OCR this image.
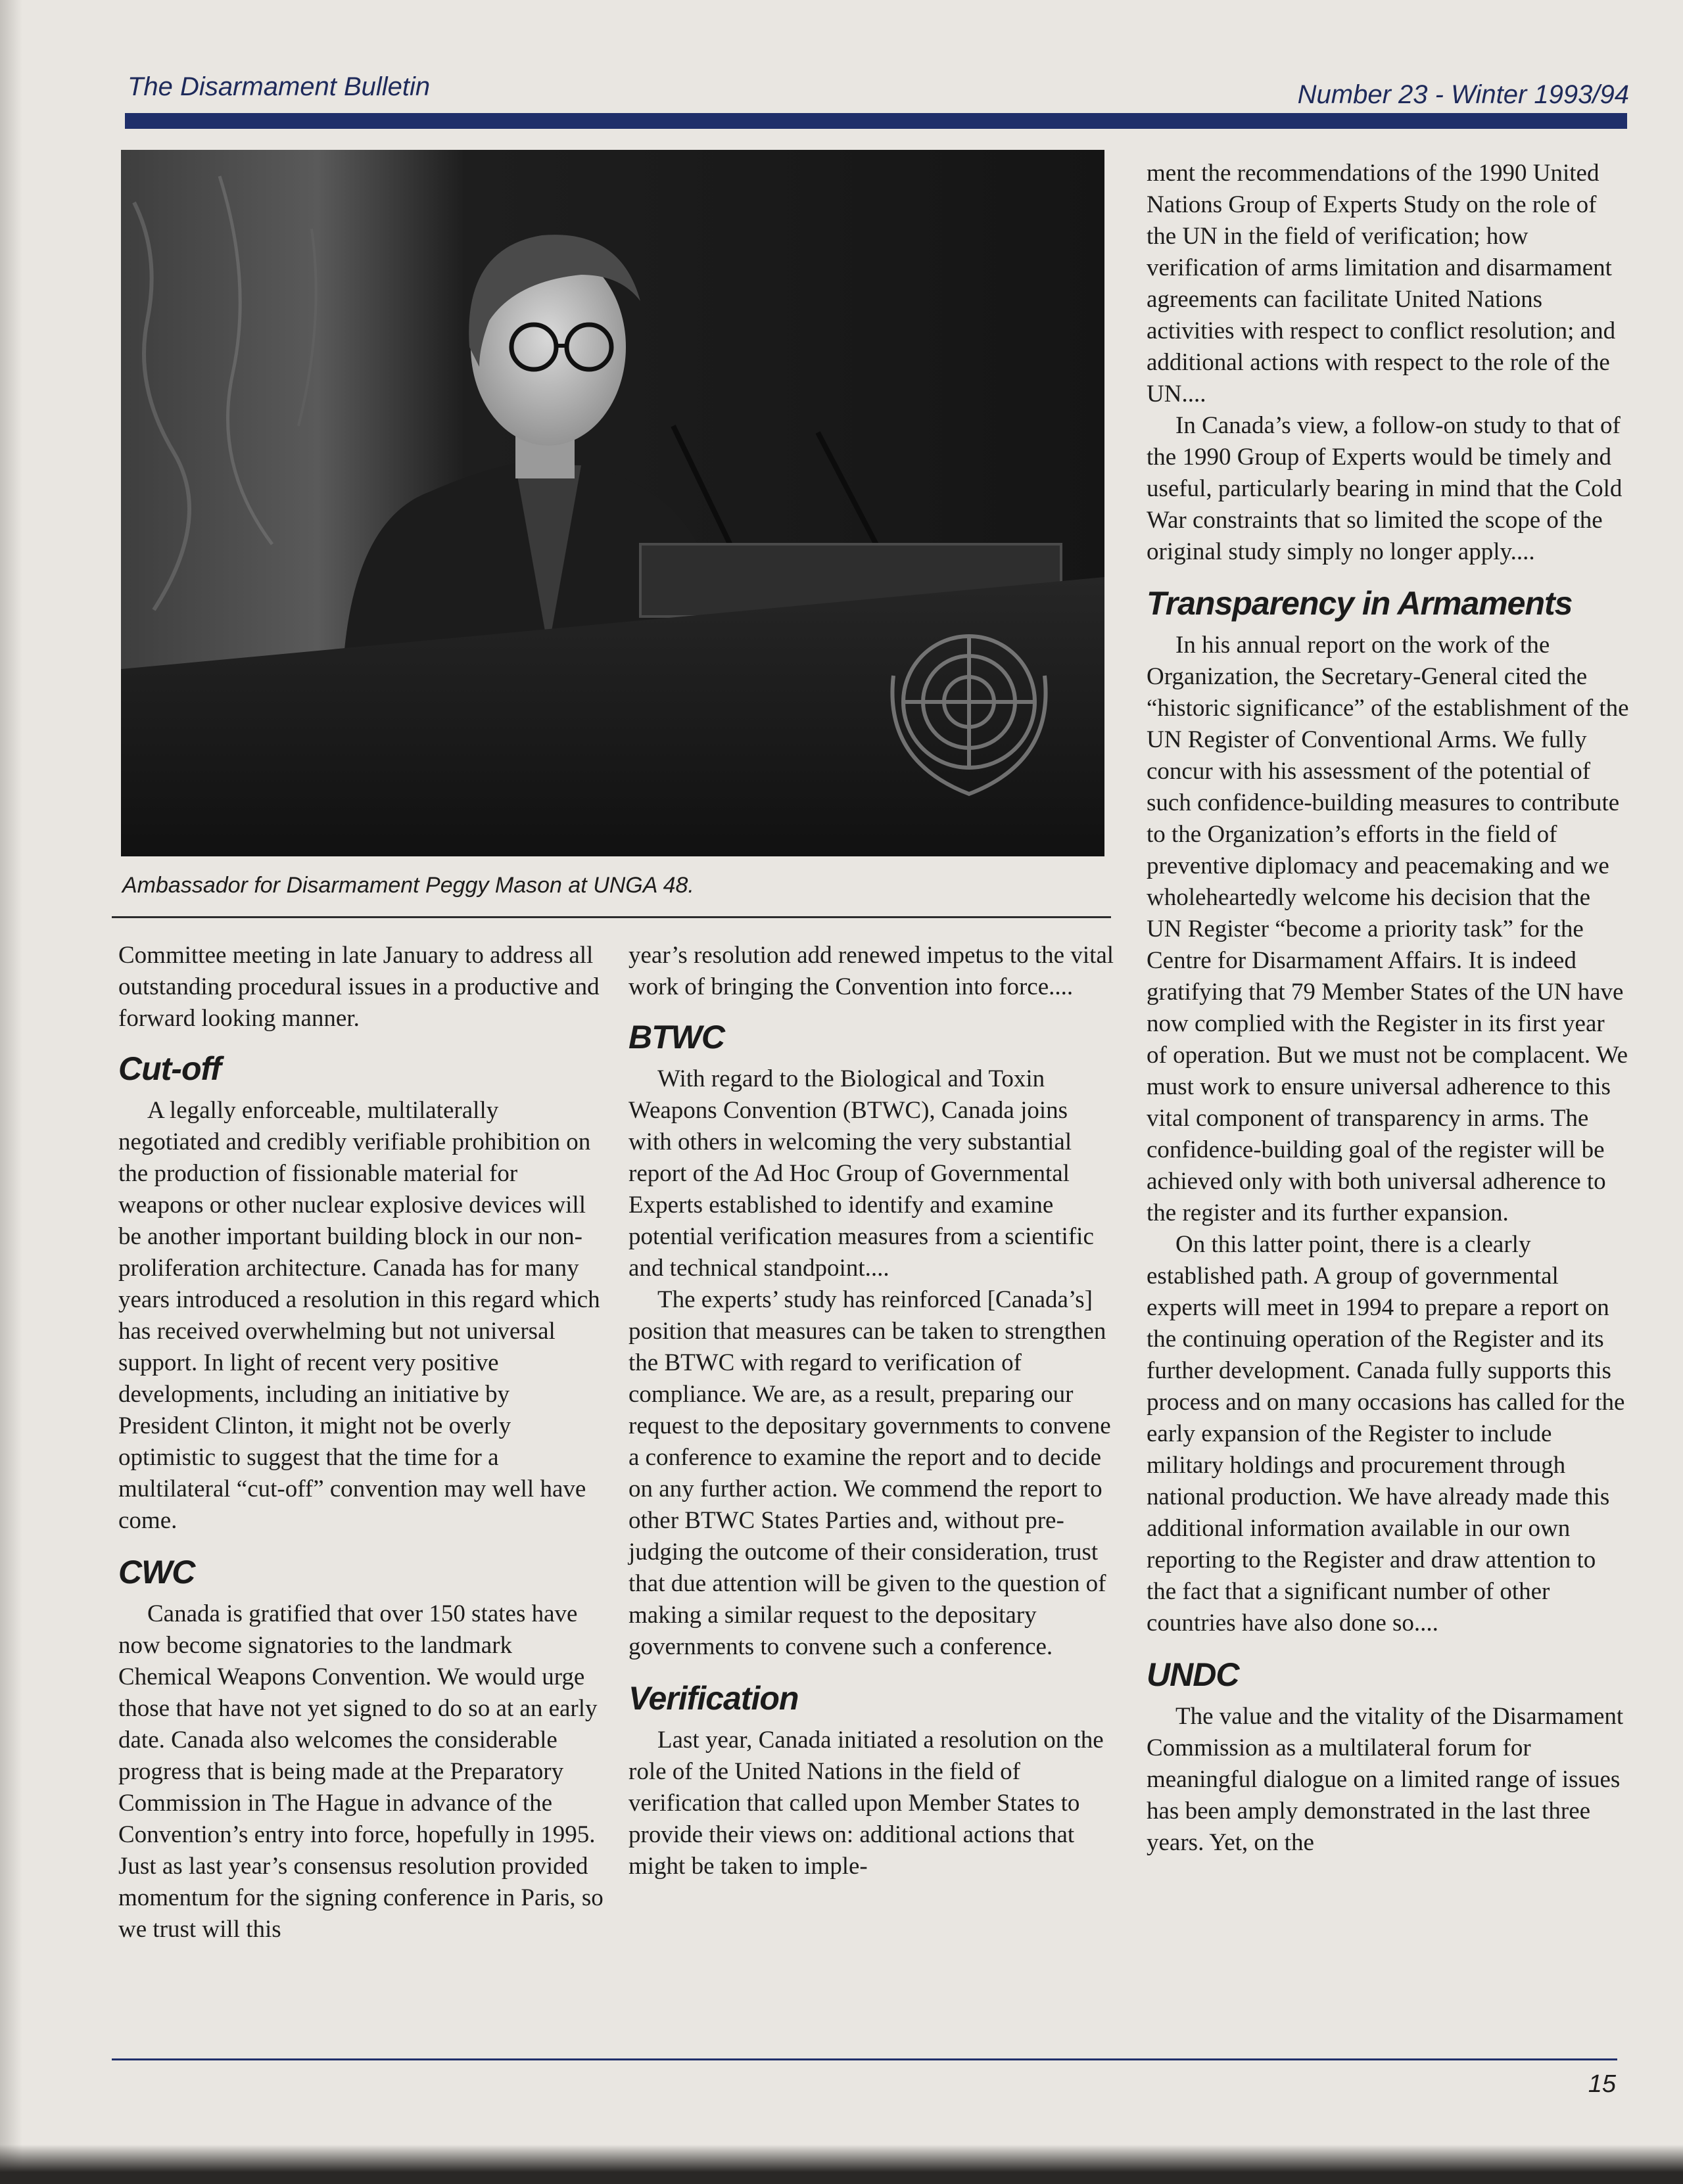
The Disarmament Bulletin	Number 23 - Winter 1993/94
Ambassador for Disarmament Peggy Mason at UNGA 48.

Committee meeting in late January to address all outstanding procedural issues in a productive and forward looking manner.

Cut-off

A legally enforceable, multilaterally negotiated and credibly verifiable prohibition on the production of fissionable material for weapons or other nuclear explosive devices will be another important building block in our non-proliferation architecture. Canada has for many years introduced a resolution in this regard which has received overwhelming but not universal support. In light of recent very positive developments, including an initiative by President Clinton, it might not be overly optimistic to suggest that the time for a multilateral “cut-off” convention may well have come.

CWC

Canada is gratified that over 150 states have now become signatories to the landmark Chemical Weapons Convention. We would urge those that have not yet signed to do so at an early date. Canada also welcomes the considerable progress that is being made at the Preparatory Commission in The Hague in advance of the Convention’s entry into force, hopefully in 1995. Just as last year’s consensus resolution provided momentum for the signing conference in Paris, so we trust will this

year’s resolution add renewed impetus to the vital work of bringing the Convention into force....

BTWC

With regard to the Biological and Toxin Weapons Convention (BTWC), Canada joins with others in welcoming the very substantial report of the Ad Hoc Group of Governmental Experts established to identify and examine potential verification measures from a scientific and technical standpoint....

The experts’ study has reinforced [Canada’s] position that measures can be taken to strengthen the BTWC with regard to verification of compliance. We are, as a result, preparing our request to the depositary governments to convene a conference to examine the report and to decide on any further action. We commend the report to other BTWC States Parties and, without pre-judging the outcome of their consideration, trust that due attention will be given to the question of making a similar request to the depositary governments to convene such a conference.

Verification

Last year, Canada initiated a resolution on the role of the United Nations in the field of verification that called upon Member States to provide their views on: additional actions that might be taken to imple-

ment the recommendations of the 1990 United Nations Group of Experts Study on the role of the UN in the field of verification; how verification of arms limitation and disarmament agreements can facilitate United Nations activities with respect to conflict resolution; and additional actions with respect to the role of the UN....

In Canada’s view, a follow-on study to that of the 1990 Group of Experts would be timely and useful, particularly bearing in mind that the Cold War constraints that so limited the scope of the original study simply no longer apply....

Transparency in Armaments

In his annual report on the work of the Organization, the Secretary-General cited the “historic significance” of the establishment of the UN Register of Conventional Arms. We fully concur with his assessment of the potential of such confidence-building measures to contribute to the Organization’s efforts in the field of preventive diplomacy and peacemaking and we wholeheartedly welcome his decision that the UN Register “become a priority task” for the Centre for Disarmament Affairs. It is indeed gratifying that 79 Member States of the UN have now complied with the Register in its first year of operation. But we must not be complacent. We must work to ensure universal adherence to this vital component of transparency in arms. The confidence-building goal of the register will be achieved only with both universal adherence to the register and its further expansion.

On this latter point, there is a clearly established path. A group of governmental experts will meet in 1994 to prepare a report on the continuing operation of the Register and its further development. Canada fully supports this process and on many occasions has called for the early expansion of the Register to include military holdings and procurement through national production. We have already made this additional information available in our own reporting to the Register and draw attention to the fact that a significant number of other countries have also done so....

UNDC

The value and the vitality of the Disarmament Commission as a multilateral forum for meaningful dialogue on a limited range of issues has been amply demonstrated in the last three years. Yet, on the

15
